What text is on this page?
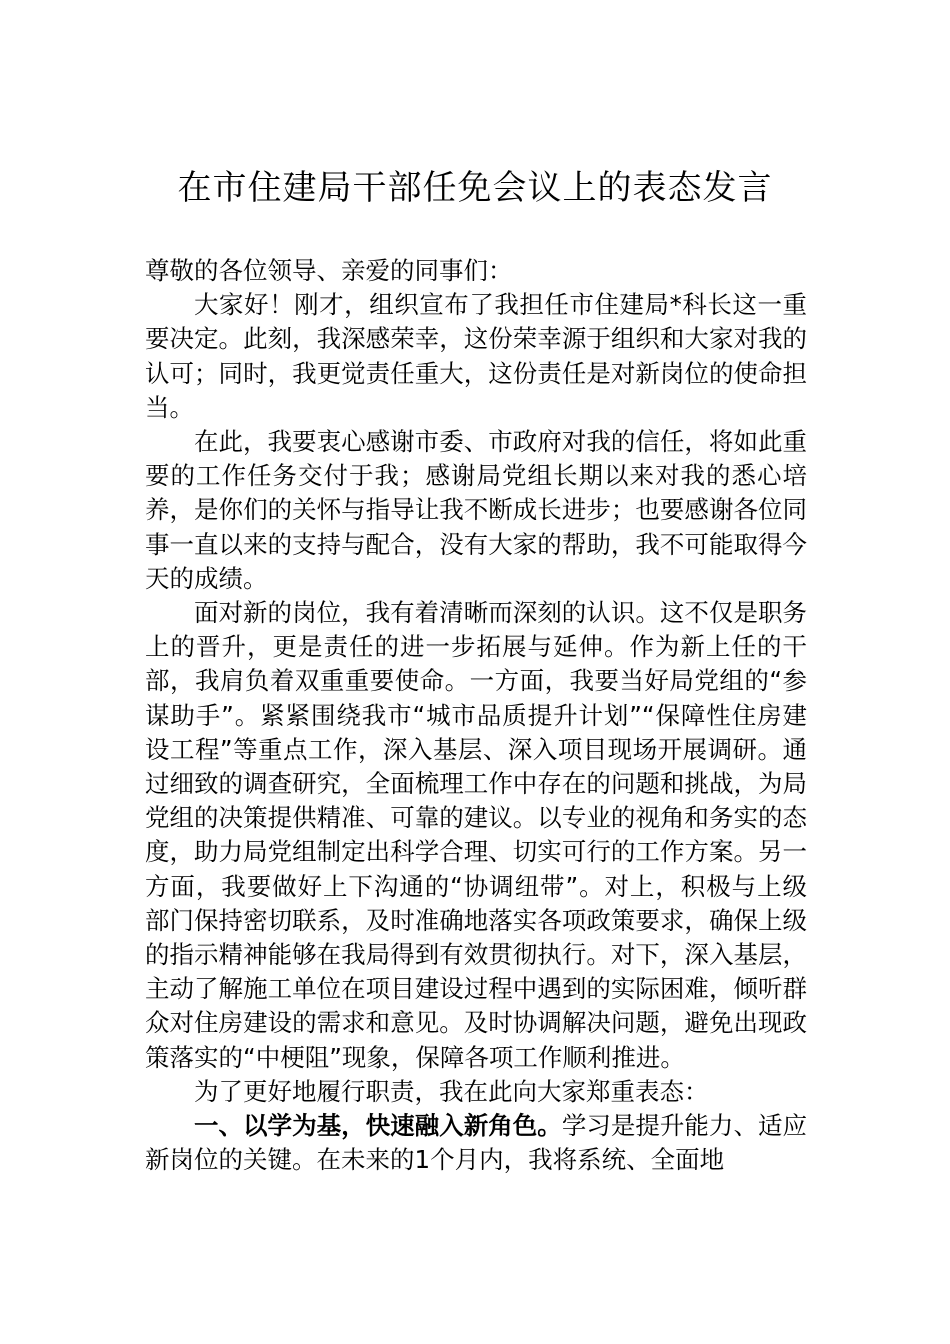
在市住建局干部任免会议上的表态发言

尊敬的各位领导、亲爱的同事们：

大家好！刚才，组织宣布了我担任市住建局*科长这一重要决定。此刻，我深感荣幸，这份荣幸源于组织和大家对我的认可；同时，我更觉责任重大，这份责任是对新岗位的使命担当。

在此，我要衷心感谢市委、市政府对我的信任，将如此重要的工作任务交付于我；感谢局党组长期以来对我的悉心培养，是你们的关怀与指导让我不断成长进步；也要感谢各位同事一直以来的支持与配合，没有大家的帮助，我不可能取得今天的成绩。

面对新的岗位，我有着清晰而深刻的认识。这不仅是职务上的晋升，更是责任的进一步拓展与延伸。作为新上任的干部，我肩负着双重重要使命。一方面，我要当好局党组的“参谋助手”。紧紧围绕我市“城市品质提升计划”“保障性住房建设工程”等重点工作，深入基层、深入项目现场开展调研。通过细致的调查研究，全面梳理工作中存在的问题和挑战，为局党组的决策提供精准、可靠的建议。以专业的视角和务实的态度，助力局党组制定出科学合理、切实可行的工作方案。另一方面，我要做好上下沟通的“协调纽带”。对上，积极与上级部门保持密切联系，及时准确地落实各项政策要求，确保上级的指示精神能够在我局得到有效贯彻执行。对下，深入基层，主动了解施工单位在项目建设过程中遇到的实际困难，倾听群众对住房建设的需求和意见。及时协调解决问题，避免出现政策落实的“中梗阻”现象，保障各项工作顺利推进。

为了更好地履行职责，我在此向大家郑重表态：

一、以学为基，快速融入新角色。学习是提升能力、适应新岗位的关键。在未来的1个月内，我将系统、全面地
